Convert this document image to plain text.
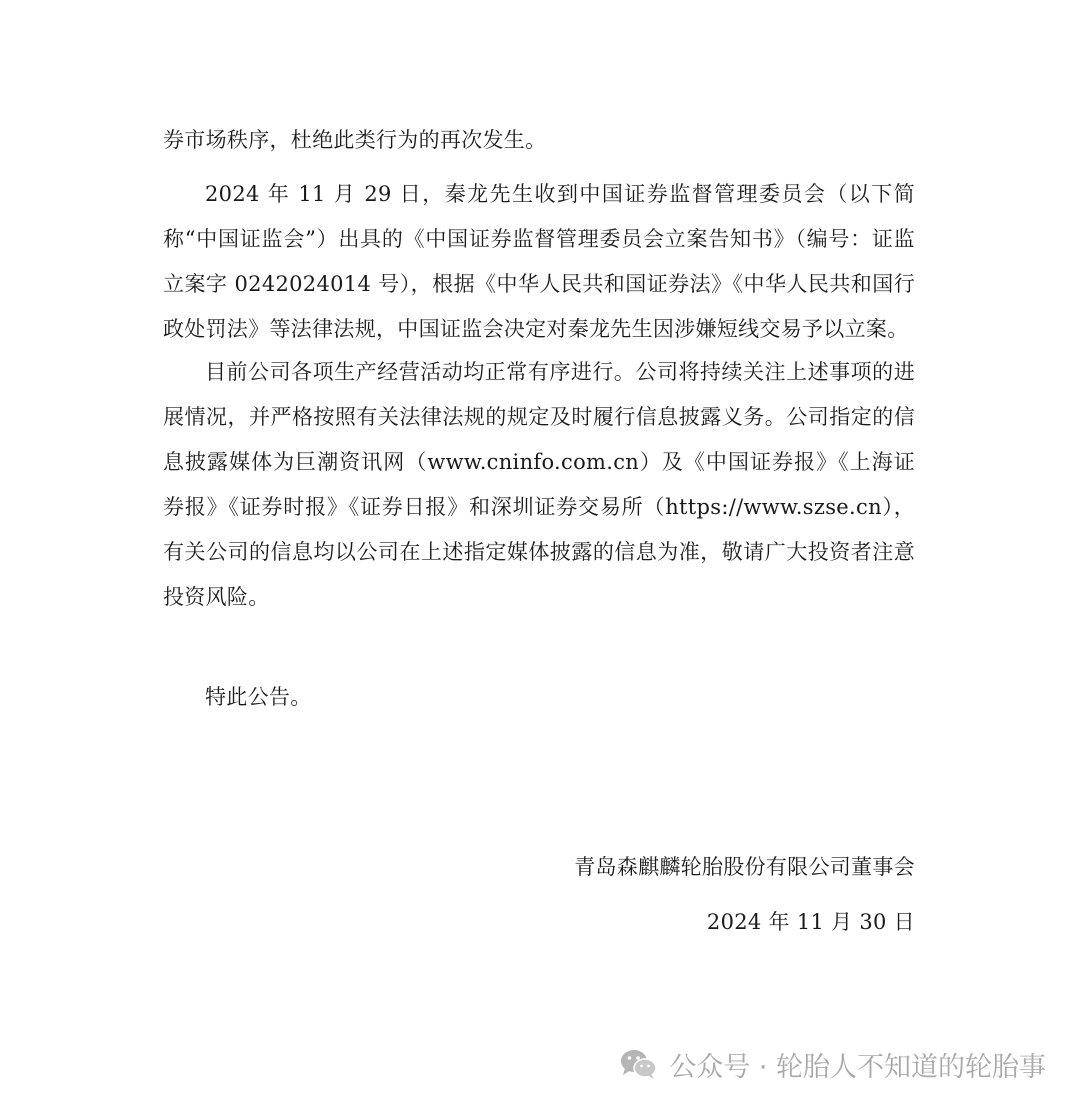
券市场秩序，杜绝此类行为的再次发生。

2024 年 11 月 29 日，秦龙先生收到中国证券监督管理委员会（以下简称“中国证监会”）出具的《中国证券监督管理委员会立案告知书》（编号：证监立案字 0242024014 号），根据《中华人民共和国证券法》《中华人民共和国行政处罚法》等法律法规，中国证监会决定对秦龙先生因涉嫌短线交易予以立案。

目前公司各项生产经营活动均正常有序进行。公司将持续关注上述事项的进展情况，并严格按照有关法律法规的规定及时履行信息披露义务。公司指定的信息披露媒体为巨潮资讯网（www.cninfo.com.cn）及《中国证券报》《上海证券报》《证券时报》《证券日报》和深圳证券交易所（https://www.szse.cn），有关公司的信息均以公司在上述指定媒体披露的信息为准，敬请广大投资者注意投资风险。

特此公告。

青岛森麒麟轮胎股份有限公司董事会

2024 年 11 月 30 日

公众号 · 轮胎人不知道的轮胎事
